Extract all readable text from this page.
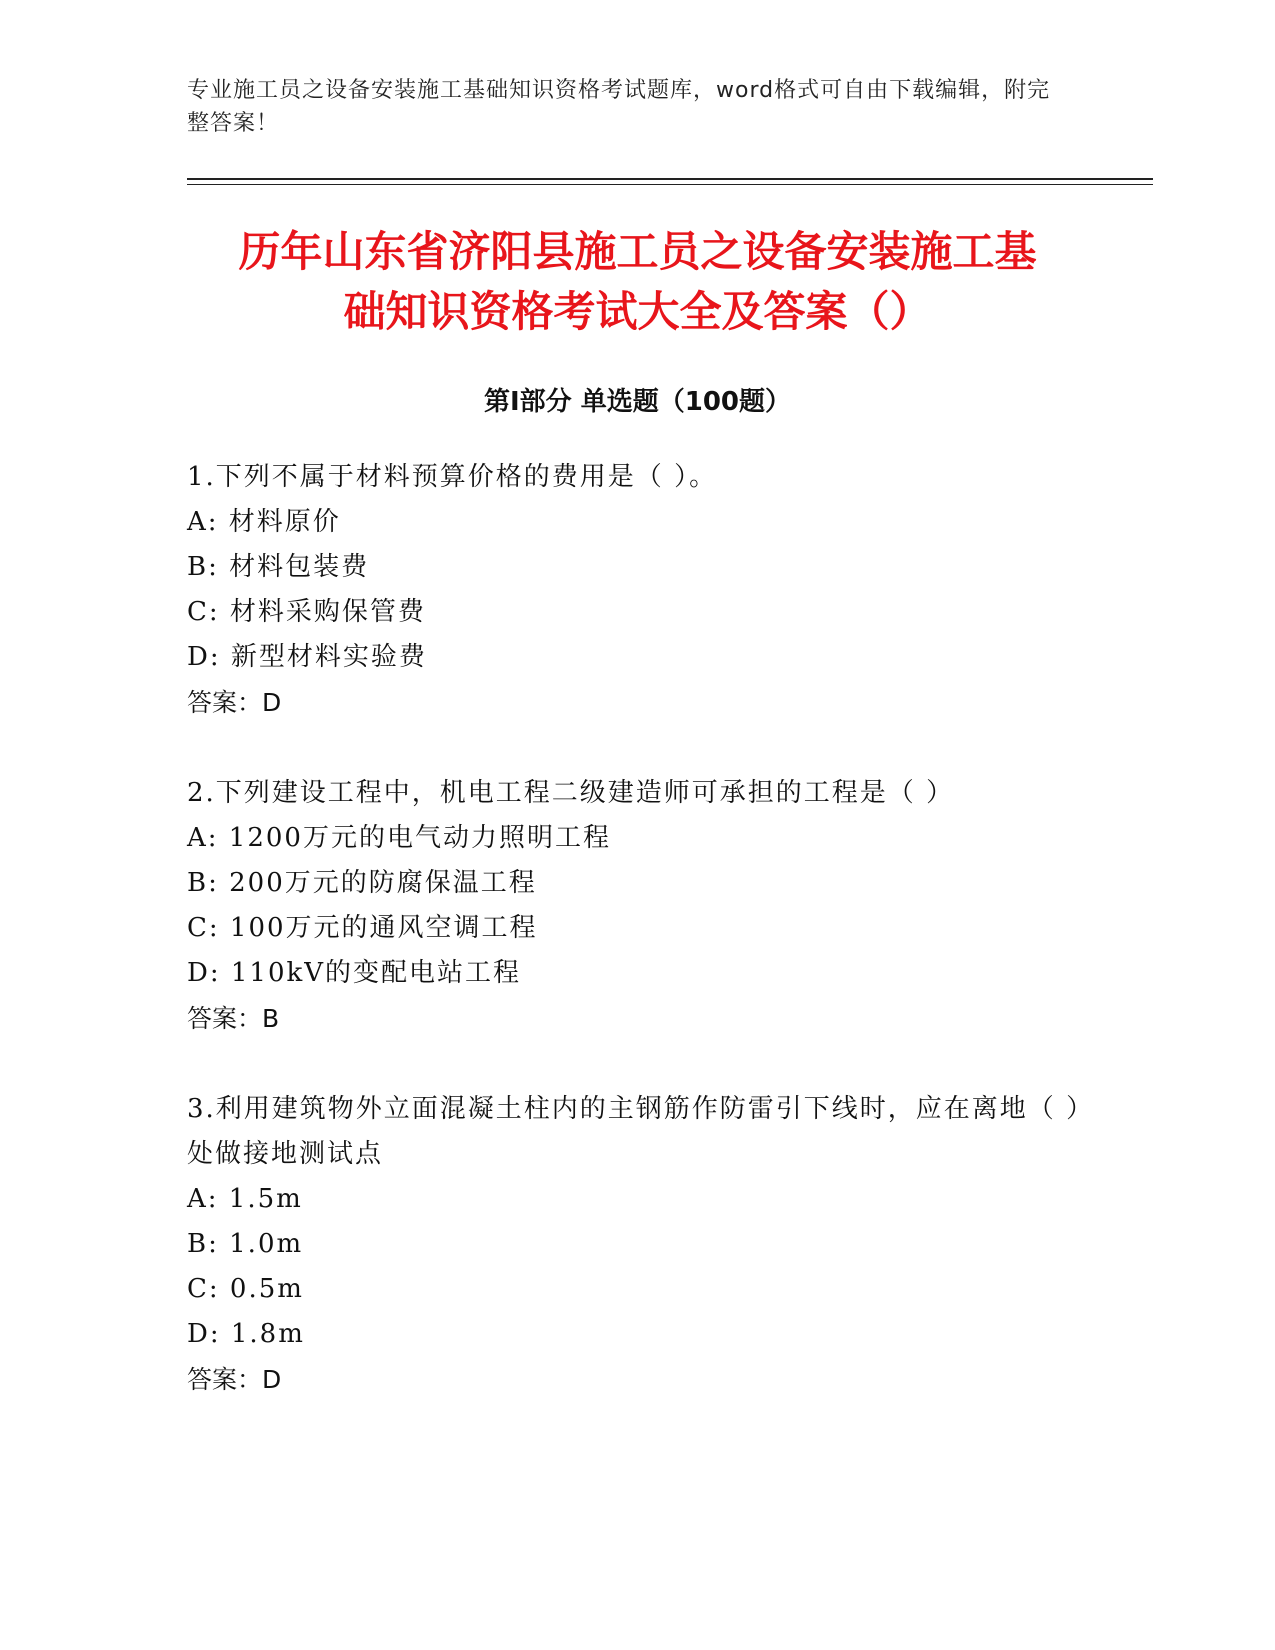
专业施工员之设备安装施工基础知识资格考试题库，word格式可自由下载编辑，附完整答案！
历年山东省济阳县施工员之设备安装施工基
础知识资格考试大全及答案（）
第Ⅰ部分 单选题（100题）

1.下列不属于材料预算价格的费用是（ ）。

A: 材料原价

B: 材料包装费

C: 材料采购保管费

D: 新型材料实验费

答案：D

2.下列建设工程中，机电工程二级建造师可承担的工程是（ ）

A: 1200万元的电气动力照明工程

B: 200万元的防腐保温工程

C: 100万元的通风空调工程

D: 110kV的变配电站工程

答案：B

3.利用建筑物外立面混凝土柱内的主钢筋作防雷引下线时，应在离地（ ）处做接地测试点

A: 1.5m

B: 1.0m

C: 0.5m

D: 1.8m

答案：D
